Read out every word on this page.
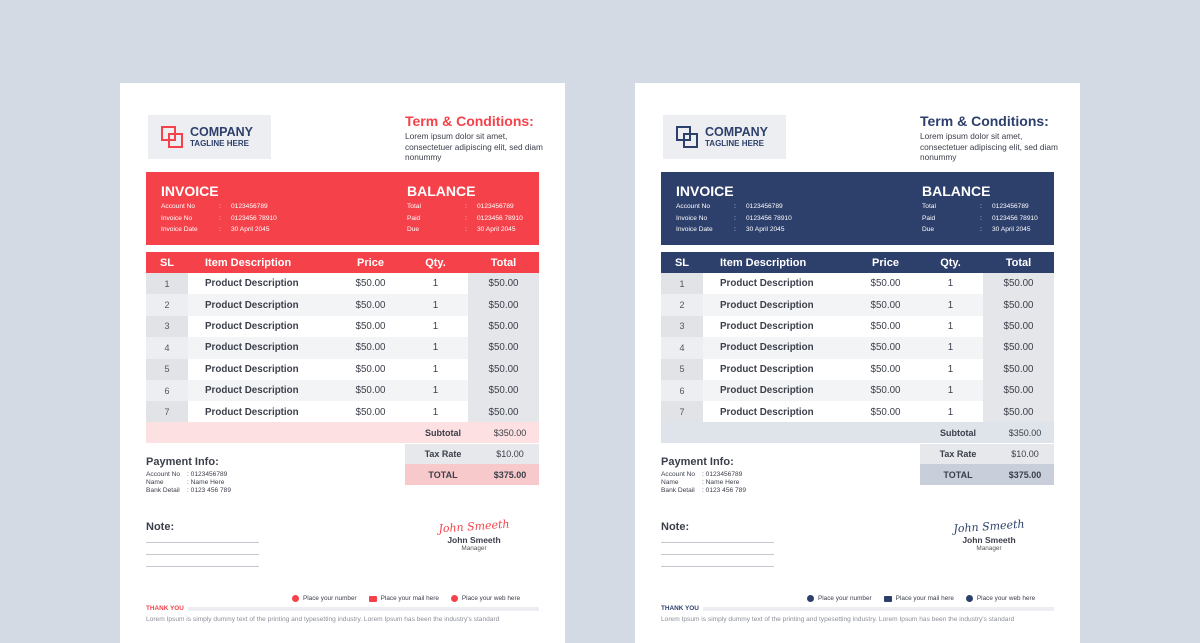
COMPANY
TAGLINE HERE
Term & Conditions:
Lorem ipsum dolor sit amet, consectetuer adipiscing elit, sed diam nonummy
INVOICE
Account No	:	0123456789
Invoice No	:	0123456 78910
Invoice Date	:	30 April 2045
BALANCE
Total	:	0123456789
Paid	:	0123456 78910
Due	:	30 April 2045
SL	Item Description	Price	Qty.	Total
1	Product Description	$50.00	1	$50.00
2	Product Description	$50.00	1	$50.00
3	Product Description	$50.00	1	$50.00
4	Product Description	$50.00	1	$50.00
5	Product Description	$50.00	1	$50.00
6	Product Description	$50.00	1	$50.00
7	Product Description	$50.00	1	$50.00
Subtotal	$350.00
Tax Rate	$10.00
TOTAL	$375.00
Payment Info:
Account No	: 0123456789
Name	: Name Here
Bank Detail	: 0123 456 789
Note:	John Smeeth
John Smeeth
Manager
Place your number	Place your mail here	Place your web here
THANK YOU
Lorem Ipsum is simply dummy text of the printing and typesetting industry. Lorem Ipsum has been the industry's standard
COMPANY
TAGLINE HERE
Term & Conditions:
Lorem ipsum dolor sit amet, consectetuer adipiscing elit, sed diam nonummy
INVOICE
Account No	:	0123456789
Invoice No	:	0123456 78910
Invoice Date	:	30 April 2045
BALANCE
Total	:	0123456789
Paid	:	0123456 78910
Due	:	30 April 2045
SL	Item Description	Price	Qty.	Total
1	Product Description	$50.00	1	$50.00
2	Product Description	$50.00	1	$50.00
3	Product Description	$50.00	1	$50.00
4	Product Description	$50.00	1	$50.00
5	Product Description	$50.00	1	$50.00
6	Product Description	$50.00	1	$50.00
7	Product Description	$50.00	1	$50.00
Subtotal	$350.00
Tax Rate	$10.00
TOTAL	$375.00
Payment Info:
Account No	: 0123456789
Name	: Name Here
Bank Detail	: 0123 456 789
Note:	John Smeeth
John Smeeth
Manager
Place your number	Place your mail here	Place your web here
THANK YOU
Lorem Ipsum is simply dummy text of the printing and typesetting industry. Lorem Ipsum has been the industry's standard
